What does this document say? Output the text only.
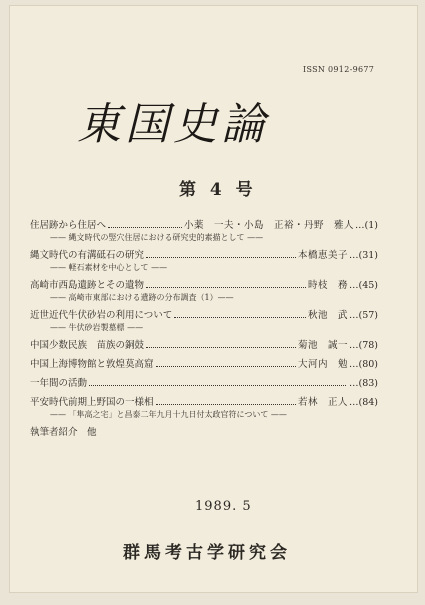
ISSN 0912-9677
東国史論
第 4 号
住居跡から住居へ	小薬　一夫・小島　正裕・丹野　雅人 …(1)
—— 縄文時代の竪穴住居における研究史的素描として ——
縄文時代の有溝砥石の研究	本橋恵美子 …(31)
—— 軽石素材を中心として ——
高崎市西島遺跡とその遺物	時枝　務 …(45)
—— 高崎市東部における遺跡の分布調査（1）——
近世近代牛伏砂岩の利用について	秋池　武 …(57)
—— 牛伏砂岩製墓標 ——
中国少数民族　苗族の銅鼓	菊池　誠一 …(78)
中国上海博物館と敦煌莫高窟	大河内　勉 …(80)
一年間の活動	…(83)
平安時代前期上野国の一様相	若林　正人 …(84)
—— 「隼高之宅」と昌泰二年九月十九日付太政官符について ——
執筆者紹介　他
1989. 5
群馬考古学研究会
